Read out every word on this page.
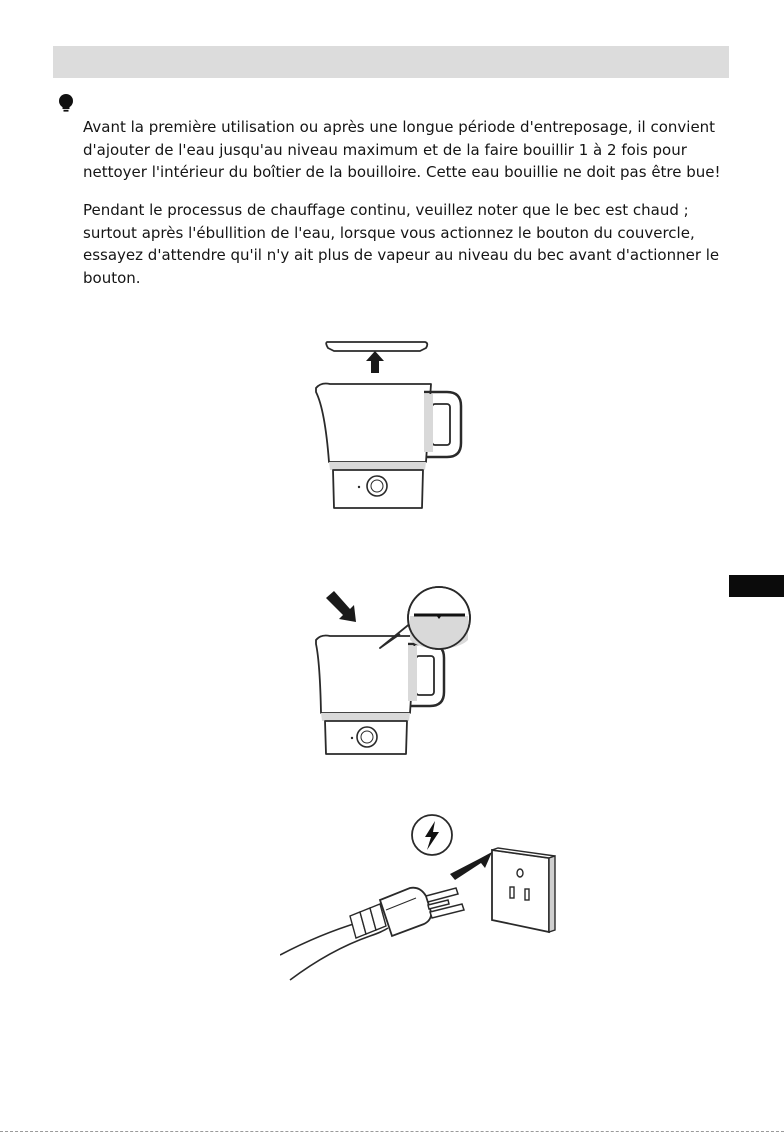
Avant la première utilisation ou après une longue période d'entreposage, il convient d'ajouter de l'eau jusqu'au niveau maximum et de la faire bouillir 1 à 2 fois pour nettoyer l'intérieur du boîtier de la bouilloire. Cette eau bouillie ne doit pas être bue!

Pendant le processus de chauffage continu, veuillez noter que le bec est chaud ; surtout après l'ébullition de l'eau, lorsque vous actionnez le bouton du couvercle, essayez d'attendre qu'il n'y ait plus de vapeur au niveau du bec avant d'actionner le bouton.
